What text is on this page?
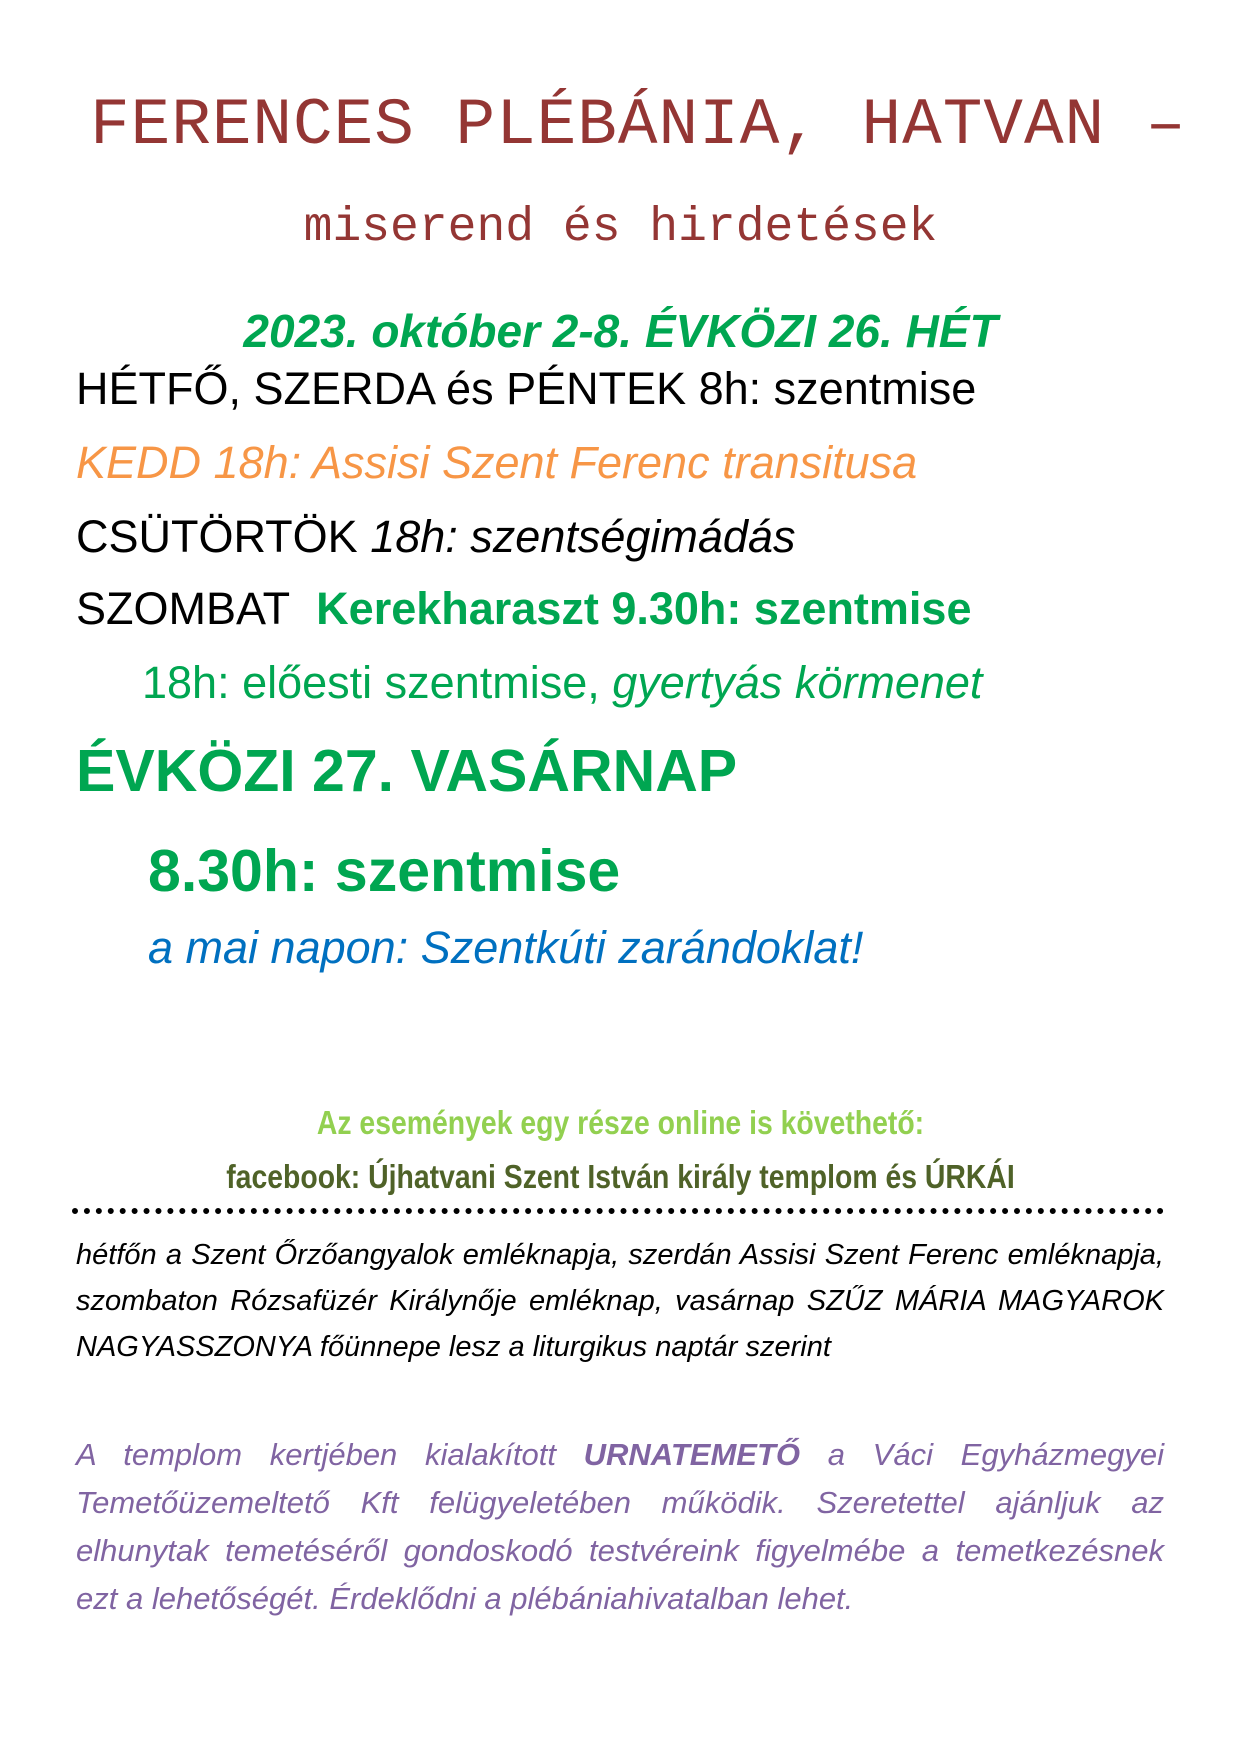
FERENCES PLÉBÁNIA, HATVAN –
miserend és hirdetések
2023. október 2-8. ÉVKÖZI 26. HÉT
HÉTFŐ, SZERDA és PÉNTEK 8h: szentmise
KEDD 18h: Assisi Szent Ferenc transitusa
CSÜTÖRTÖK 18h: szentségimádás
SZOMBAT Kerekharaszt 9.30h: szentmise
18h: előesti szentmise, gyertyás körmenet
ÉVKÖZI 27. VASÁRNAP
8.30h: szentmise
a mai napon: Szentkúti zarándoklat!
Az események egy része online is követhető:
facebook: Újhatvani Szent István király templom és ÚRKÁI

hétfőn a Szent Őrzőangyalok emléknapja, szerdán Assisi Szent Ferenc emléknapja, szombaton Rózsafüzér Királynője emléknap, vasárnap SZŰZ MÁRIA MAGYAROK NAGYASSZONYA főünnepe lesz a liturgikus naptár szerint

A templom kertjében kialakított URNATEMETŐ a Váci Egyházmegyei Temetőüzemeltető Kft felügyeletében működik. Szeretettel ajánljuk az elhunytak temetéséről gondoskodó testvéreink figyelmébe a temetkezésnek ezt a lehetőségét. Érdeklődni a plébániahivatalban lehet.
